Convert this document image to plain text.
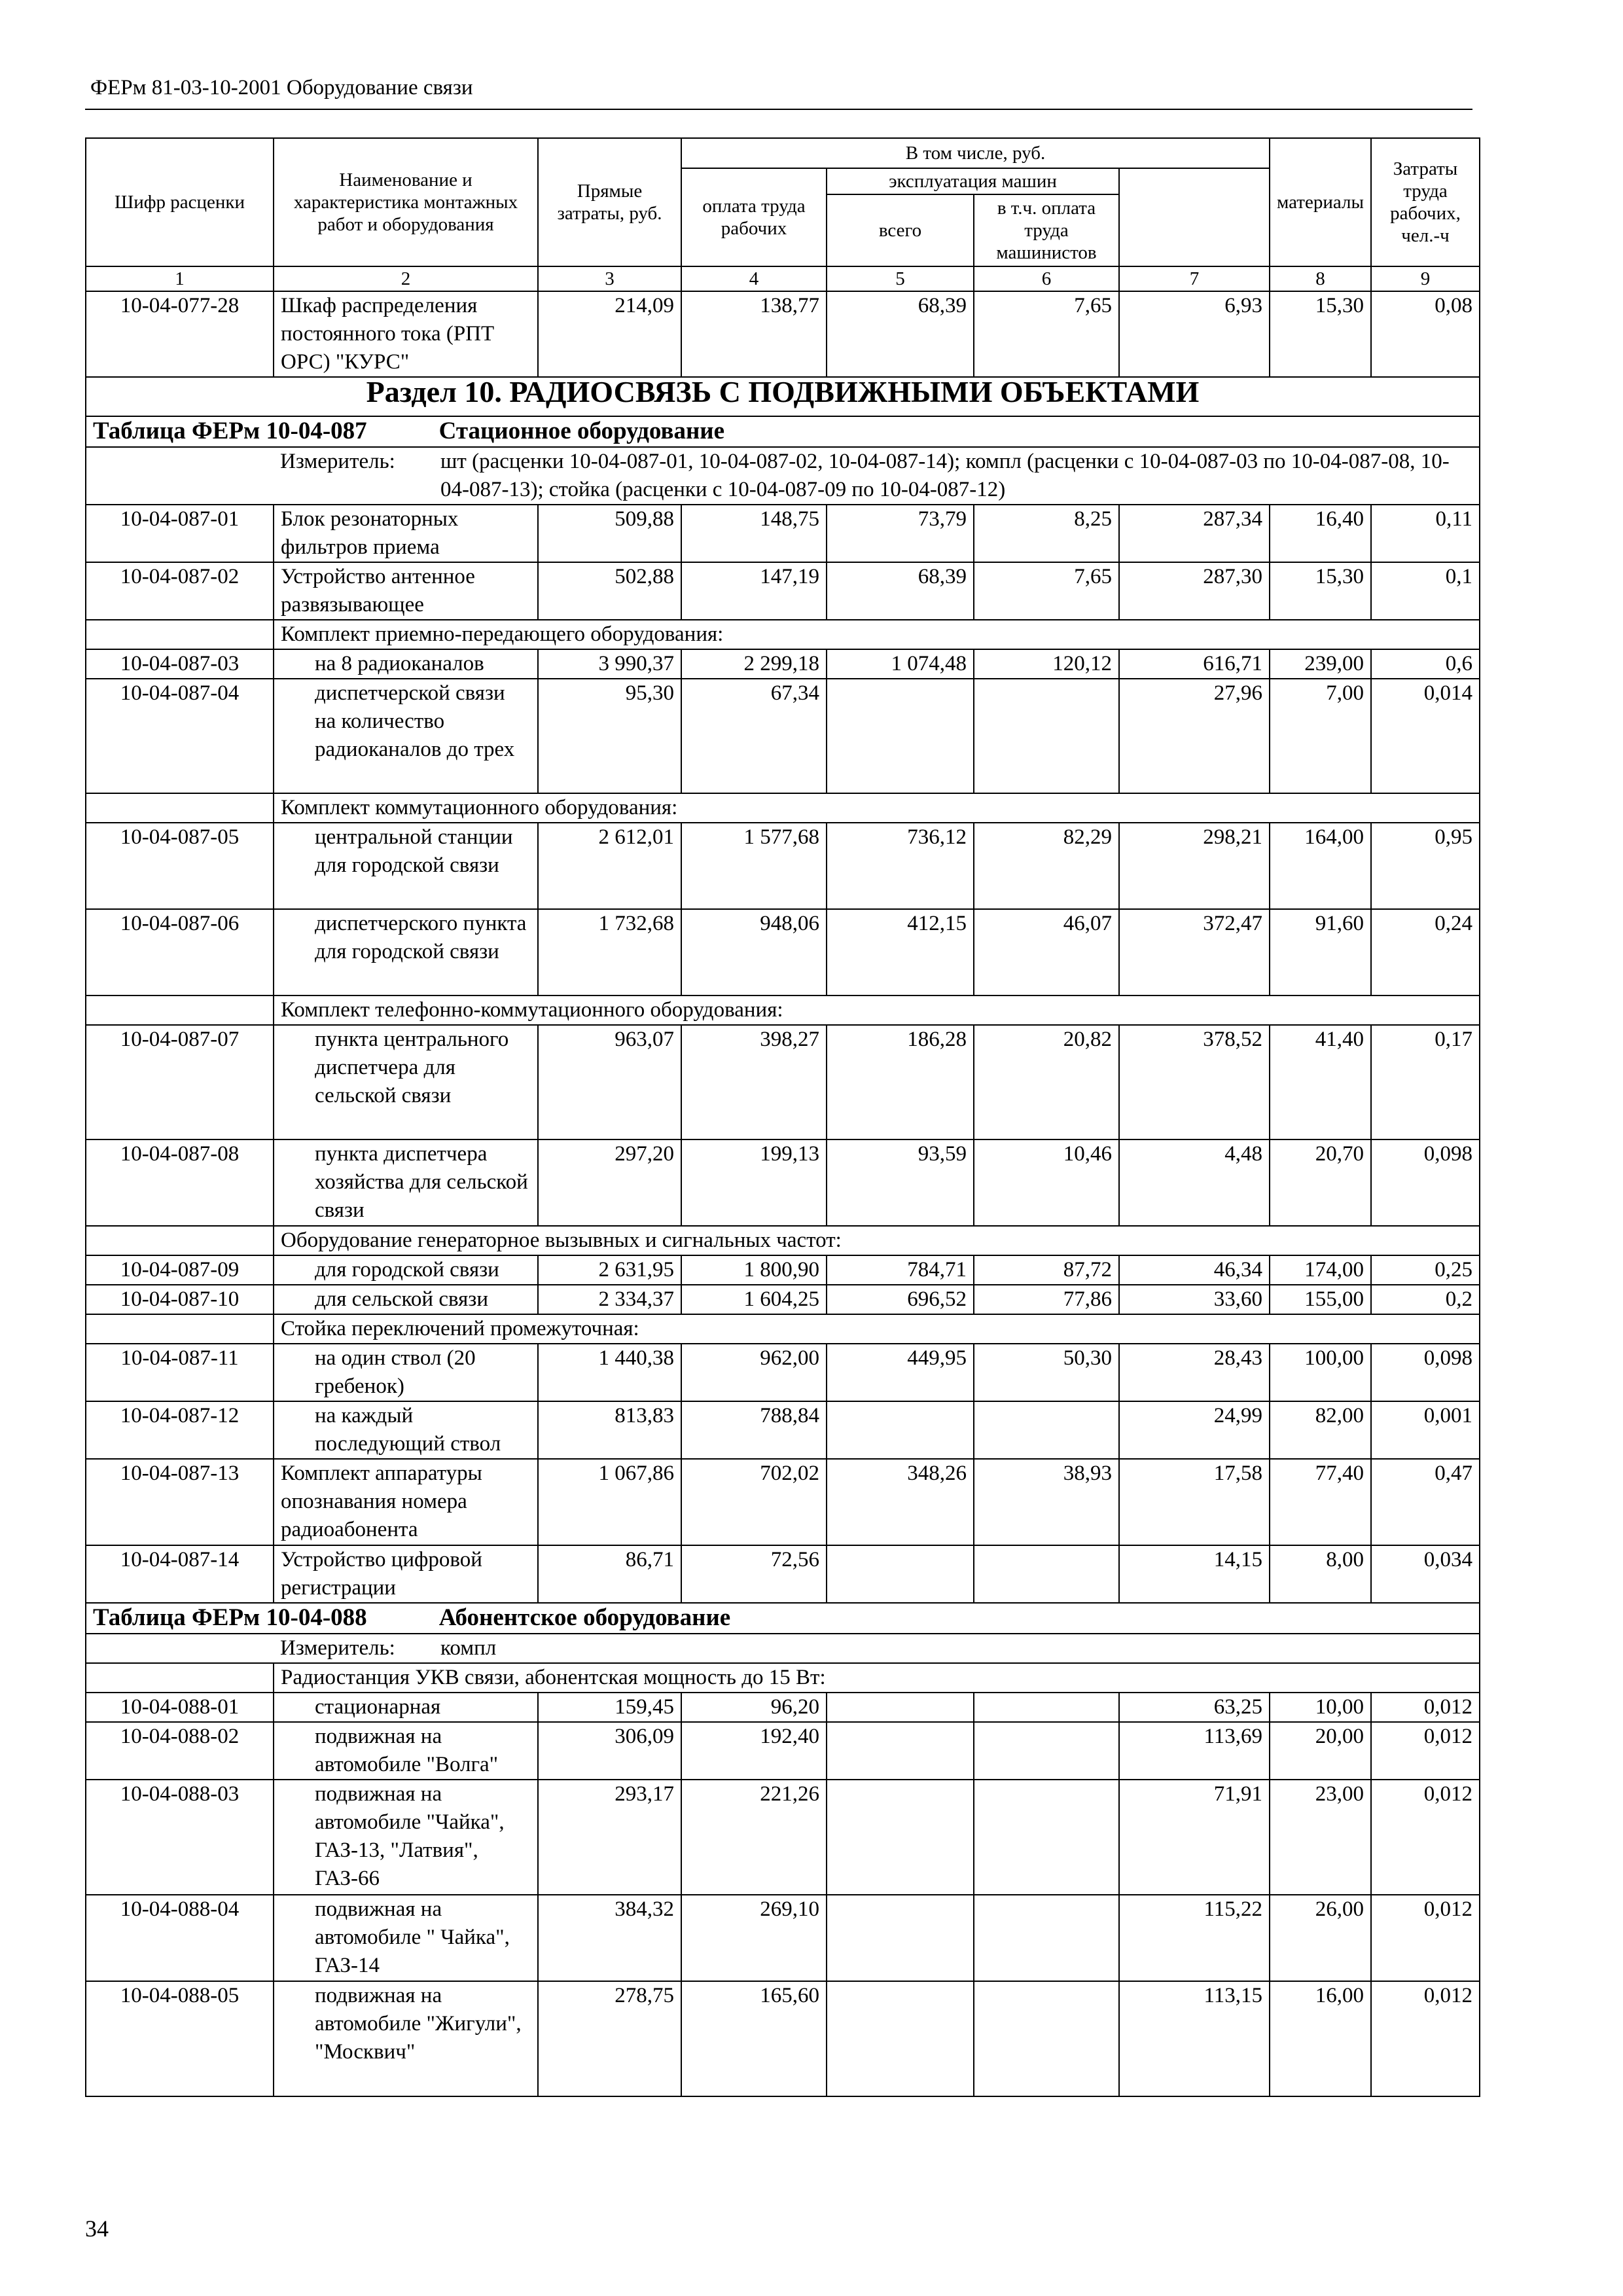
ФЕРм 81-03-10-2001 Оборудование связи
Шифр расценки	Наименование и характеристика монтажных работ и оборудования	Прямые затраты, руб.	В том числе, руб.				материалы	Затраты труда рабочих, чел.-ч	
			оплата труда рабочих	эксплуатация машин					
				всего	в т.ч. оплата труда машинистов				
1	2	3	4	5	6	7	8	9	
10-04-077-28	Шкаф распределения постоянного тока (РПТ ОРС) "КУРС"	214,09	138,77	68,39	7,65	6,93	15,30	0,08	
Раздел 10. РАДИОСВЯЗЬ С ПОДВИЖНЫМИ ОБЪЕКТАМИ									
Таблица ФЕРм 10-04-087 Стационное оборудование									

	Измеритель: шт (расценки 10-04-087-01, 10-04-087-02, 10-04-087-14); компл (расценки с 10-04-087-03 по 10-04-087-08, 10-04-087-13); стойка (расценки с 10-04-087-09 по 10-04-087-12)								

10-04-087-01	Блок резонаторных фильтров приема	509,88	148,75	73,79	8,25	287,34	16,40	0,11	
10-04-087-02	Устройство антенное развязывающее	502,88	147,19	68,39	7,65	287,30	15,30	0,1	
	Комплект приемно-передающего оборудования:								
10-04-087-03	на 8 радиоканалов	3 990,37	2 299,18	1 074,48	120,12	616,71	239,00	0,6	
10-04-087-04	диспетчерской связи на количество радиоканалов до трех	95,30	67,34			27,96	7,00	0,014	
	Комплект коммутационного оборудования:								
10-04-087-05	центральной станции для городской связи	2 612,01	1 577,68	736,12	82,29	298,21	164,00	0,95	
10-04-087-06	диспетчерского пункта для городской связи	1 732,68	948,06	412,15	46,07	372,47	91,60	0,24	
	Комплект телефонно-коммутационного оборудования:								
10-04-087-07	пункта центрального диспетчера для сельской связи	963,07	398,27	186,28	20,82	378,52	41,40	0,17	
10-04-087-08	пункта диспетчера хозяйства для сельской связи	297,20	199,13	93,59	10,46	4,48	20,70	0,098	
	Оборудование генераторное вызывных и сигнальных частот:								
10-04-087-09	для городской связи	2 631,95	1 800,90	784,71	87,72	46,34	174,00	0,25	
10-04-087-10	для сельской связи	2 334,37	1 604,25	696,52	77,86	33,60	155,00	0,2	
	Стойка переключений промежуточная:								
10-04-087-11	на один ствол (20 гребенок)	1 440,38	962,00	449,95	50,30	28,43	100,00	0,098	
10-04-087-12	на каждый последующий ствол	813,83	788,84			24,99	82,00	0,001	
10-04-087-13	Комплект аппаратуры опознавания номера радиоабонента	1 067,86	702,02	348,26	38,93	17,58	77,40	0,47	
10-04-087-14	Устройство цифровой регистрации	86,71	72,56			14,15	8,00	0,034	
Таблица ФЕРм 10-04-088 Абонентское оборудование									

	Измеритель: компл								

	Радиостанция УКВ связи, абонентская мощность до 15 Вт:								
10-04-088-01	стационарная	159,45	96,20			63,25	10,00	0,012	
10-04-088-02	подвижная на автомобиле "Волга"	306,09	192,40			113,69	20,00	0,012	
10-04-088-03	подвижная на автомобиле "Чайка", ГАЗ-13, "Латвия", ГАЗ-66	293,17	221,26			71,91	23,00	0,012	
10-04-088-04	подвижная на автомобиле " Чайка", ГАЗ-14	384,32	269,10			115,22	26,00	0,012	
10-04-088-05	подвижная на автомобиле "Жигули", "Москвич"	278,75	165,60			113,15	16,00	0,012	
34
